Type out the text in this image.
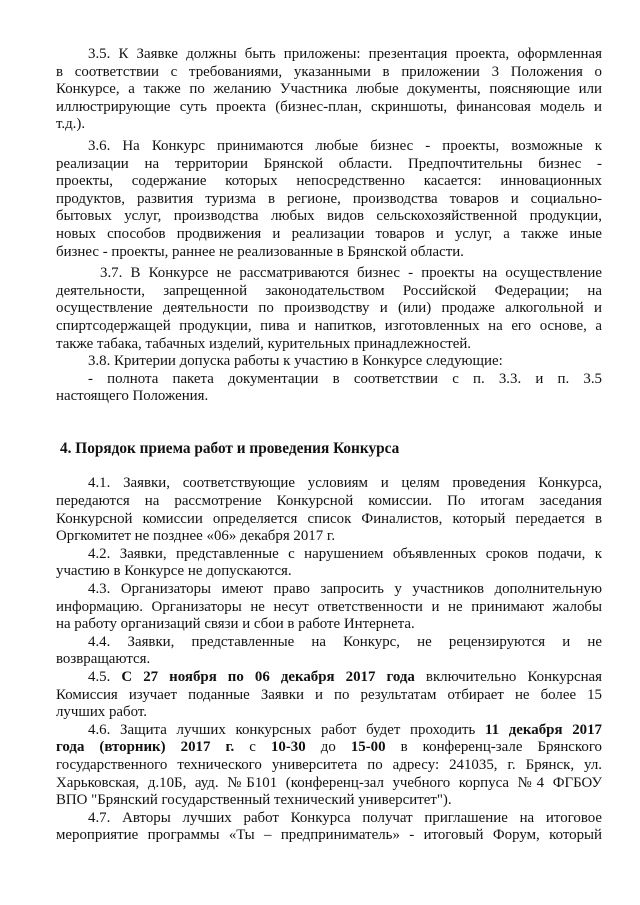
3.5. К Заявке должны быть приложены: презентация проекта, оформленная
в соответствии с требованиями, указанными в приложении 3 Положения о
Конкурсе, а также по желанию Участника любые документы, поясняющие или
иллюстрирующие суть проекта (бизнес-план, скриншоты, финансовая модель и
т.д.).
3.6. На Конкурс принимаются любые бизнес - проекты, возможные к
реализации на территории Брянской области. Предпочтительны бизнес -
проекты, содержание которых непосредственно касается: инновационных
продуктов, развития туризма в регионе, производства товаров и социально-
бытовых услуг, производства любых видов сельскохозяйственной продукции,
новых способов продвижения и реализации товаров и услуг, а также иные
бизнес - проекты, раннее не реализованные в Брянской области.
3.7. В Конкурсе не рассматриваются бизнес - проекты на осуществление
деятельности, запрещенной законодательством Российской Федерации; на
осуществление деятельности по производству и (или) продаже алкогольной и
спиртсодержащей продукции, пива и напитков, изготовленных на его основе, а
также табака, табачных изделий, курительных принадлежностей.
3.8. Критерии допуска работы к участию в Конкурсе следующие:
- полнота пакета документации в соответствии с п. 3.3. и п. 3.5
настоящего Положения.
4. Порядок приема работ и проведения Конкурса
4.1. Заявки, соответствующие условиям и целям проведения Конкурса,
передаются на рассмотрение Конкурсной комиссии. По итогам заседания
Конкурсной комиссии определяется список Финалистов, который передается в
Оргкомитет не позднее «06» декабря 2017 г.
4.2. Заявки, представленные с нарушением объявленных сроков подачи, к
участию в Конкурсе не допускаются.
4.3. Организаторы имеют право запросить у участников дополнительную
информацию. Организаторы не несут ответственности и не принимают жалобы
на работу организаций связи и сбои в работе Интернета.
4.4. Заявки, представленные на Конкурс, не рецензируются и не
возвращаются.
4.5. С 27 ноября по 06 декабря 2017 года включительно Конкурсная
Комиссия изучает поданные Заявки и по результатам отбирает не более 15
лучших работ.
4.6. Защита лучших конкурсных работ будет проходить 11 декабря 2017
года (вторник) 2017 г. с 10-30 до 15-00 в конференц-зале Брянского
государственного технического университета по адресу: 241035, г. Брянск, ул.
Харьковская, д.10Б, ауд. №Б101 (конференц-зал учебного корпуса №4 ФГБОУ
ВПО "Брянский государственный технический университет").
4.7. Авторы лучших работ Конкурса получат приглашение на итоговое
мероприятие программы «Ты – предприниматель» - итоговый Форум, который
